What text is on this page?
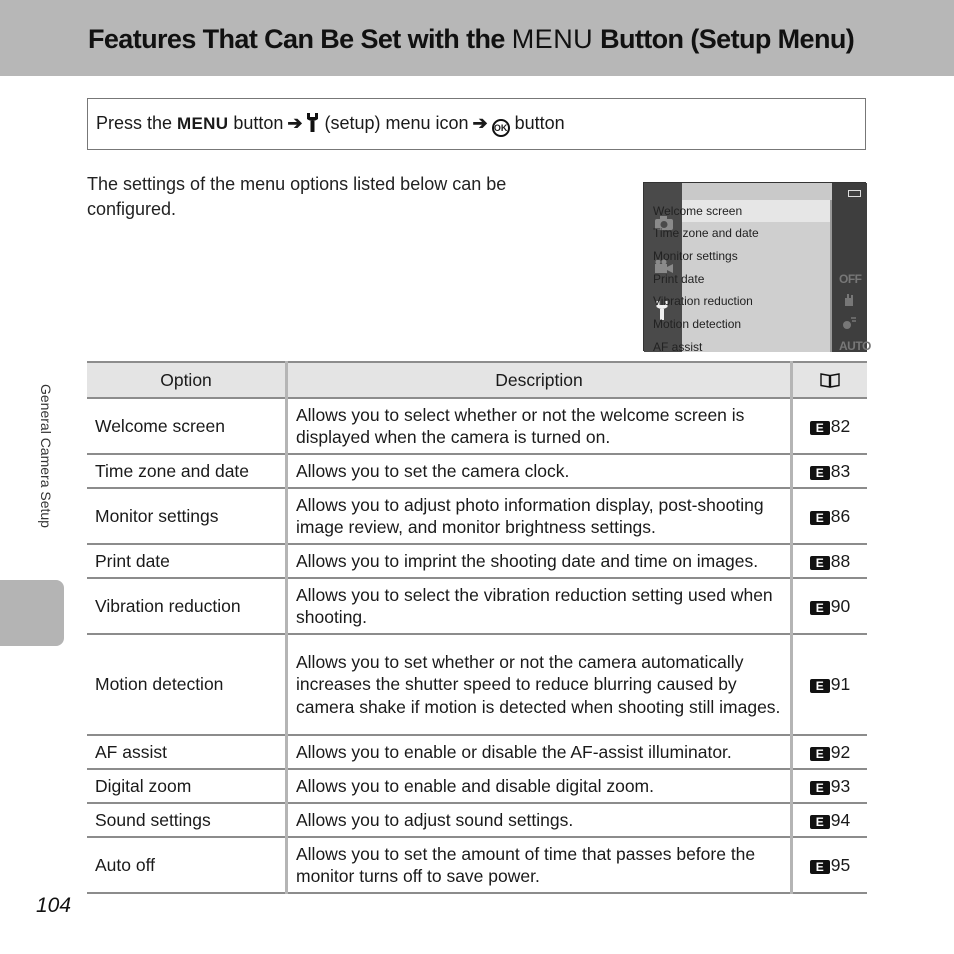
Features That Can Be Set with the MENU Button (Setup Menu)
Press the MENU button ➔ (setup) menu icon ➔ OK button
The settings of the menu options listed below can be configured.	Welcome screen
Time zone and date
Monitor settings
Print date
Vibration reduction
Motion detection
AF assist
OFF
AUTO
Option	Description	
Welcome screen	Allows you to select whether or not the welcome screen is displayed when the camera is turned on.	E 82
Time zone and date	Allows you to set the camera clock.	E 83
Monitor settings	Allows you to adjust photo information display, post-shooting image review, and monitor brightness settings.	E 86
Print date	Allows you to imprint the shooting date and time on images.	E 88
Vibration reduction	Allows you to select the vibration reduction setting used when shooting.	E 90
Motion detection	Allows you to set whether or not the camera automatically increases the shutter speed to reduce blurring caused by camera shake if motion is detected when shooting still images.	E 91
AF assist	Allows you to enable or disable the AF-assist illuminator.	E 92
Digital zoom	Allows you to enable and disable digital zoom.	E 93
Sound settings	Allows you to adjust sound settings.	E 94
Auto off	Allows you to set the amount of time that passes before the monitor turns off to save power.	E 95
General Camera Setup
104
